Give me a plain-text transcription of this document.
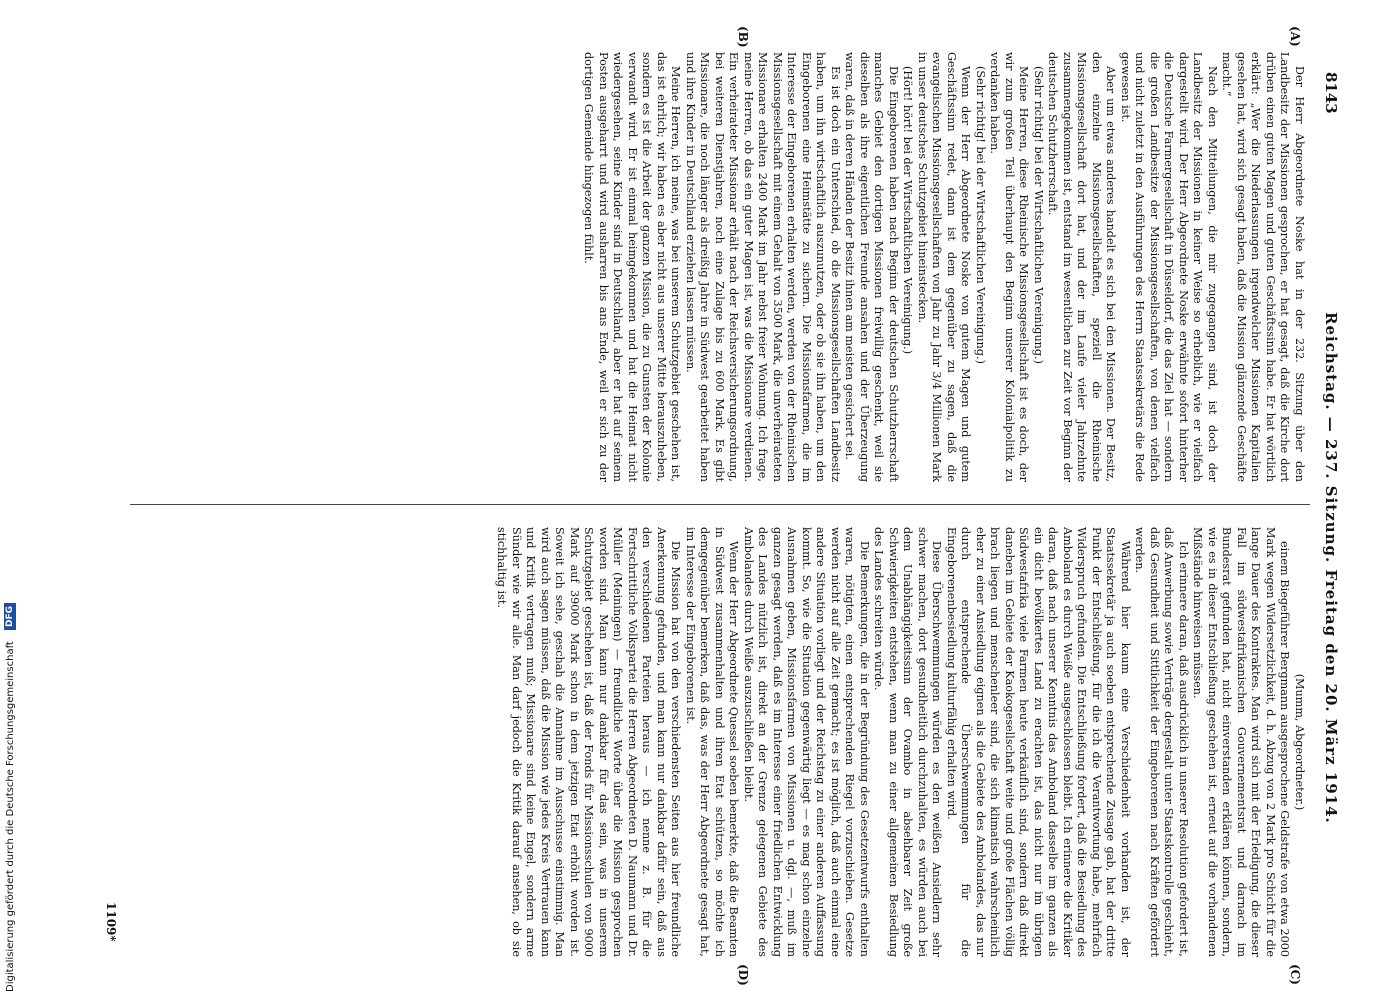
8143
Reichstag. — 237. Sitzung. Freitag den 20. März 1914.
(A)
(B)
(C)
(D)

Der Herr Abgeordnete Noske hat in der 232. Sitzung über den Landbesitz der Missionen gesprochen, er hat gesagt, daß die Kirche dort drüben einen guten Magen und guten Geschäftssinn habe. Er hat wörtlich erklärt: „Wer die Niederlassungen irgendwelcher Missionen Kapitalien gesehen hat, wird sich gesagt haben, daß die Mission glänzende Geschäfte macht.“

Nach den Mitteilungen, die mir zugegangen sind, ist doch der Landbesitz der Missionen in keiner Weise so erheblich, wie er vielfach dargestellt wird. Der Herr Abgeordnete Noske erwähnte sofort hinterher die Deutsche Farmergesellschaft in Düsseldorf, die das Ziel hat — sondern die großen Landbesitze der Missionsgesellschaften, von denen vielfach und nicht zuletzt in den Ausführungen des Herrn Staatssekretärs die Rede gewesen ist.

Aber um etwas anderes handelt es sich bei den Missionen. Der Besitz, den einzelne Missionsgesellschaften, speziell die Rheinische Missionsgesellschaft dort hat, und der im Laufe vieler Jahrzehnte zusammengekommen ist, entstand im wesentlichen zur Zeit vor Beginn der deutschen Schutzherrschaft.

(Sehr richtig! bei der Wirtschaftlichen Vereinigung.)

Meine Herren, diese Rheinische Missionsgesellschaft ist es doch, der wir zum großen Teil überhaupt den Beginn unserer Kolonialpolitik zu verdanken haben.

(Sehr richtig! bei der Wirtschaftlichen Vereinigung.)

Wenn der Herr Abgeordnete Noske von gutem Magen und gutem Geschäftssinn redet, dann ist dem gegenüber zu sagen, daß die evangelischen Missionsgesellschaften von Jahr zu Jahr 3/4 Millionen Mark in unser deutsches Schutzgebiet hineinstecken.

(Hört! hört! bei der Wirtschaftlichen Vereinigung.)

Die Eingeborenen haben nach Beginn der deutschen Schutzherrschaft manches Gebiet den dortigen Missionen freiwillig geschenkt, weil sie dieselben als ihre eigentlichen Freunde ansahen und der Überzeugung waren, daß in deren Händen der Besitz ihnen am meisten gesichert sei.

Es ist doch ein Unterschied, ob die Missionsgesellschaften Landbesitz haben, um ihn wirtschaftlich auszunutzen, oder ob sie ihn haben, um den Eingeborenen eine Heimstätte zu sichern. Die Missionsfarmen, die im Interesse der Eingeborenen erhalten werden, werden von der Rheinischen Missionsgesellschaft mit einem Gehalt von 3500 Mark, die unverheirateten Missionare erhalten 2400 Mark im Jahr nebst freier Wohnung. Ich frage, meine Herren, ob das ein guter Magen ist, was die Missionare verdienen. Ein verheirateter Missionar erhält nach der Reichsversicherungsordnung, bei weiteren Dienstjahren, noch eine Zulage bis zu 600 Mark. Es gibt Missionare, die noch länger als dreißig Jahre in Südwest gearbeitet haben und ihre Kinder in Deutschland erziehen lassen müssen.

Meine Herren, ich meine, was bei unserem Schutzgebiet geschehen ist, das ist ehrlich; wir haben es aber nicht aus unserer Mitte herauszuheben, sondern es ist die Arbeit der ganzen Mission, die zu Gunsten der Kolonie verwandt wird. Er ist einmal heimgekommen und hat die Heimat nicht wiedergesehen, seine Kinder sind in Deutschland, aber er hat auf seinem Posten ausgeharrt und wird ausharren bis ans Ende, weil er sich zu der dortigen Gemeinde hingezogen fühlt.

(Mumm, Abgeordneter.)

einem Biegeführer Bergmann ausgesprochene Geldstrafe von etwa 2000 Mark wegen Widersetzlichkeit, d. h. Abzug von 2 Mark pro Schicht für die lange Dauer des Kontraktes. Man wird sich mit der Erledigung, die dieser Fall im südwestafrikanischen Gouvernementsrat und darnach im Bundesrat gefunden hat, nicht einverstanden erklären können, sondern, wie es in dieser Entschließung geschehen ist, erneut auf die vorhandenen Mißstände hinweisen müssen.

Ich erinnere daran, daß ausdrücklich in unserer Resolution gefordert ist, daß Anwerbung sowie Verträge dergestalt unter Staatskontrolle geschieht, daß Gesundheit und Sittlichkeit der Eingeborenen nach Kräften gefördert werden.

Während hier kaum eine Verschiedenheit vorhanden ist, der Staatssekretär ja auch soeben entsprechende Zusage gab, hat der dritte Punkt der Entschließung, für die ich die Verantwortung habe, mehrfach Widerspruch gefunden. Die Entschließung fordert, daß die Besiedlung des Amboland es durch Weiße ausgeschlossen bleibt. Ich erinnere die Kritiker daran, daß nach unserer Kenntnis das Amboland dasselbe im ganzen als ein dicht bevölkertes Land zu erachten ist, das nicht nur im übrigen Südwestafrika viele Farmen heute verkäuflich sind, sondern daß direkt daneben im Gebiete der Kaokogesellschaft weite und große Flächen völlig brach liegen und menschenleer sind, die sich klimatisch wahrscheinlich eher zu einer Ansiedlung eignen als die Gebiete des Ambolandes, das nur durch entsprechende Überschwemmungen für die Eingeborenenbesiedlung kulturfähig erhalten wird.

Diese Überschwemmungen würden es den weißen Ansiedlern sehr schwer machen, dort gesundheitlich durchzuhalten, es würden auch bei dem Unabhängigkeitssinn der Ovambo in absehbarer Zeit große Schwierigkeiten entstehen, wenn man zu einer allgemeinen Besiedlung des Landes schreiten würde.

Die Bemerkungen, die in der Begründung des Gesetzentwurfs enthalten waren, nötigten, einen entsprechenden Riegel vorzuschieben. Gesetze werden nicht auf alle Zeit gemacht; es ist möglich, daß auch einmal eine andere Situation vorliegt und der Reichstag zu einer anderen Auffassung kommt. So, wie die Situation gegenwärtig liegt — es mag schon einzelne Ausnahmen geben, Missionsfarmen von Missionen u. dgl. —, muß im ganzen gesagt werden, daß es im Interesse einer friedlichen Entwicklung des Landes nützlich ist, direkt an der Grenze gelegenen Gebiete des Ambolandes durch Weiße auszuschließen bleibt.

Wenn der Herr Abgeordnete Quessel soeben bemerkte, daß die Beamten in Südwest zusammenhalten und ihren Etat schützen, so möchte ich demgegenüber bemerken, daß das, was der Herr Abgeordnete gesagt hat, im Interesse der Eingeborenen ist.

Die Mission hat von den verschiedensten Seiten aus hier freundliche Anerkennung gefunden, und man kann nur dankbar dafür sein, daß aus den verschiedenen Parteien heraus — ich nenne z. B. für die Fortschrittliche Volkspartei die Herren Abgeordneten D. Naumann und Dr. Müller (Meiningen) — freundliche Worte über die Mission gesprochen worden sind. Man kann nur dankbar für das sein, was in unserem Schutzgebiet geschehen ist, daß der Fonds für Missionsschulen von 9000 Mark auf 39000 Mark schon in dem jetzigen Etat erhöht worden ist. Soweit ich sehe, geschah die Annahme im Ausschusse einstimmig. Man wird auch sagen müssen, daß die Mission wie jedes Kreis Vertrauen kann und Kritik vertragen muß; Missionare sind keine Engel, sondern arme Sünder wie wir alle. Man darf jedoch die Kritik darauf ansehen, ob sie stichhaltig ist.

1109*
Digitalisierung gefördert durch die Deutsche Forschungsgemeinschaft DFG
